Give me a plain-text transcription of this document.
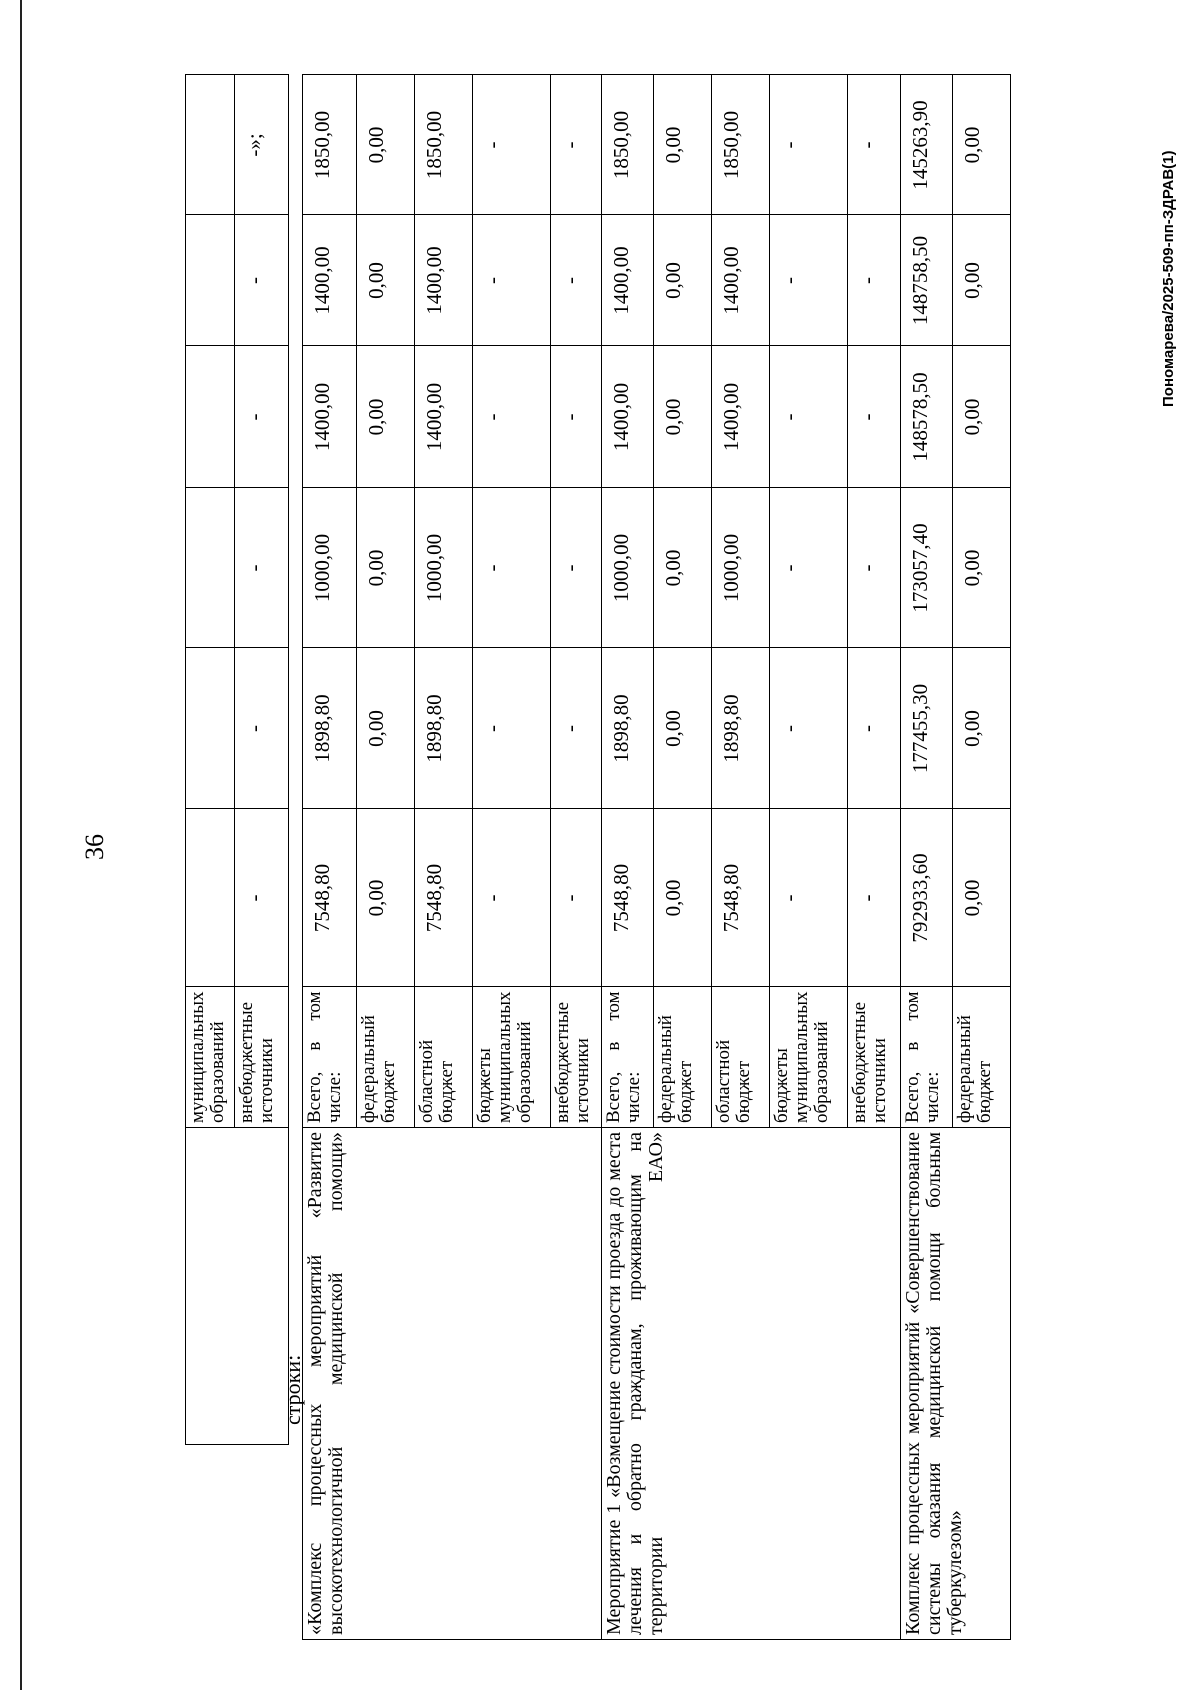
36
	муниципальных образований						
	внебюджетные источники	-	-	-	-	-	-»;
строки: «Комплекс процессных мероприятий «Развитие высокотехнологичной медицинской помощи»	Всего, в том числе:	7548,80	1898,80	1000,00	1400,00	1400,00	1850,00
	федеральный бюджет	0,00	0,00	0,00	0,00	0,00	0,00
	областной бюджет	7548,80	1898,80	1000,00	1400,00	1400,00	1850,00
	бюджеты муниципальных образований	-	-	-	-	-	-
	внебюджетные источники	-	-	-	-	-	-
Мероприятие 1 «Возмещение стоимости проезда до места лечения и обратно гражданам, проживающим на территории ЕАО»	Всего, в том числе:	7548,80	1898,80	1000,00	1400,00	1400,00	1850,00
	федеральный бюджет	0,00	0,00	0,00	0,00	0,00	0,00
	областной бюджет	7548,80	1898,80	1000,00	1400,00	1400,00	1850,00
	бюджеты муниципальных образований	-	-	-	-	-	-
	внебюджетные источники	-	-	-	-	-	-
Комплекс процессных мероприятий «Совершенствование системы оказания медицинской помощи больным туберкулезом»	Всего, в том числе:	792933,60	177455,30	173057,40	148578,50	148758,50	145263,90
	федеральный бюджет	0,00	0,00	0,00	0,00	0,00	0,00
Пономарева/2025-509-пп-ЗДРАВ(1)
